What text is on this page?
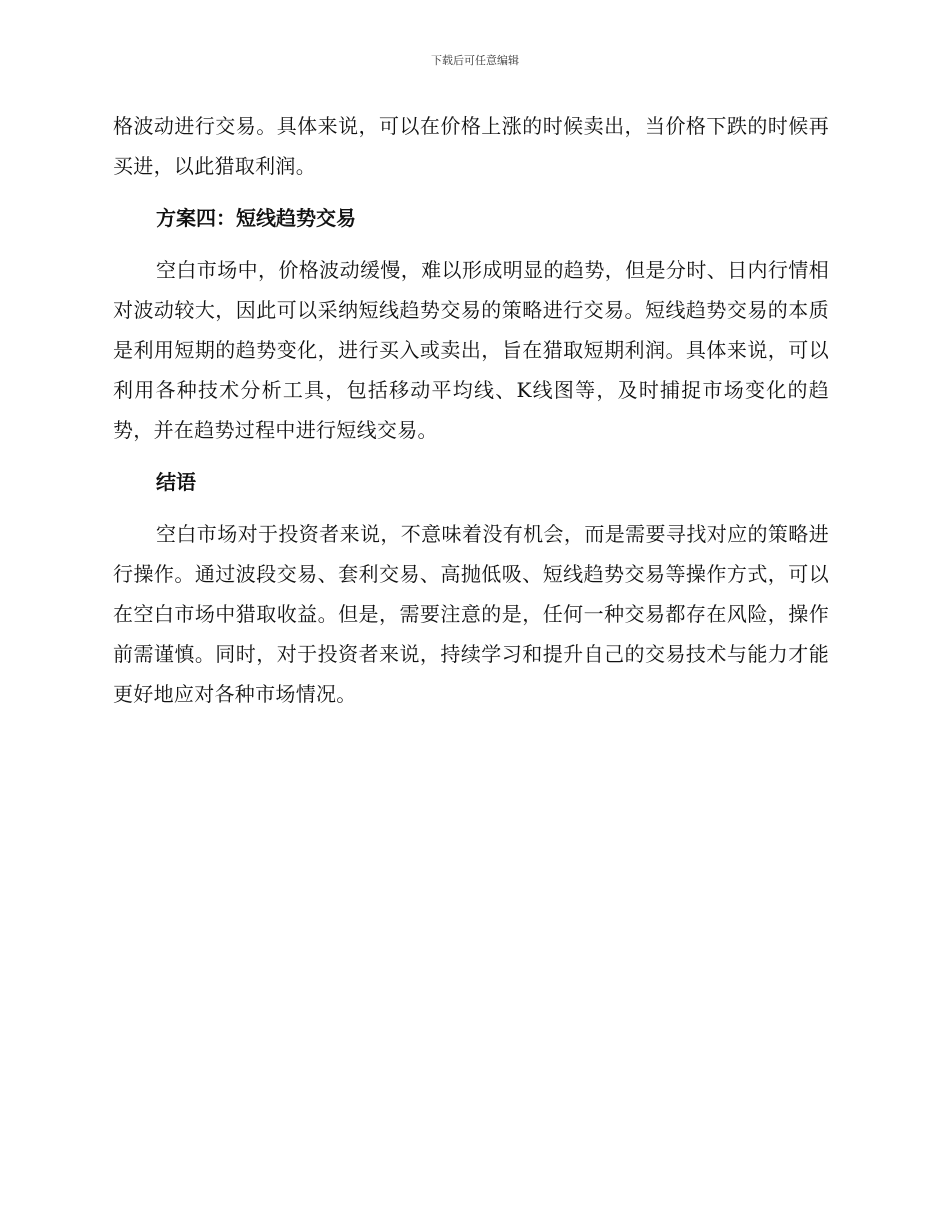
下载后可任意编辑

格波动进行交易。具体来说，可以在价格上涨的时候卖出，当价格下跌的时候再买进，以此猎取利润。

方案四：短线趋势交易

空白市场中，价格波动缓慢，难以形成明显的趋势，但是分时、日内行情相对波动较大，因此可以采纳短线趋势交易的策略进行交易。短线趋势交易的本质是利用短期的趋势变化，进行买入或卖出，旨在猎取短期利润。具体来说，可以利用各种技术分析工具，包括移动平均线、K线图等，及时捕捉市场变化的趋势，并在趋势过程中进行短线交易。

结语

空白市场对于投资者来说，不意味着没有机会，而是需要寻找对应的策略进行操作。通过波段交易、套利交易、高抛低吸、短线趋势交易等操作方式，可以在空白市场中猎取收益。但是，需要注意的是，任何一种交易都存在风险，操作前需谨慎。同时，对于投资者来说，持续学习和提升自己的交易技术与能力才能更好地应对各种市场情况。
